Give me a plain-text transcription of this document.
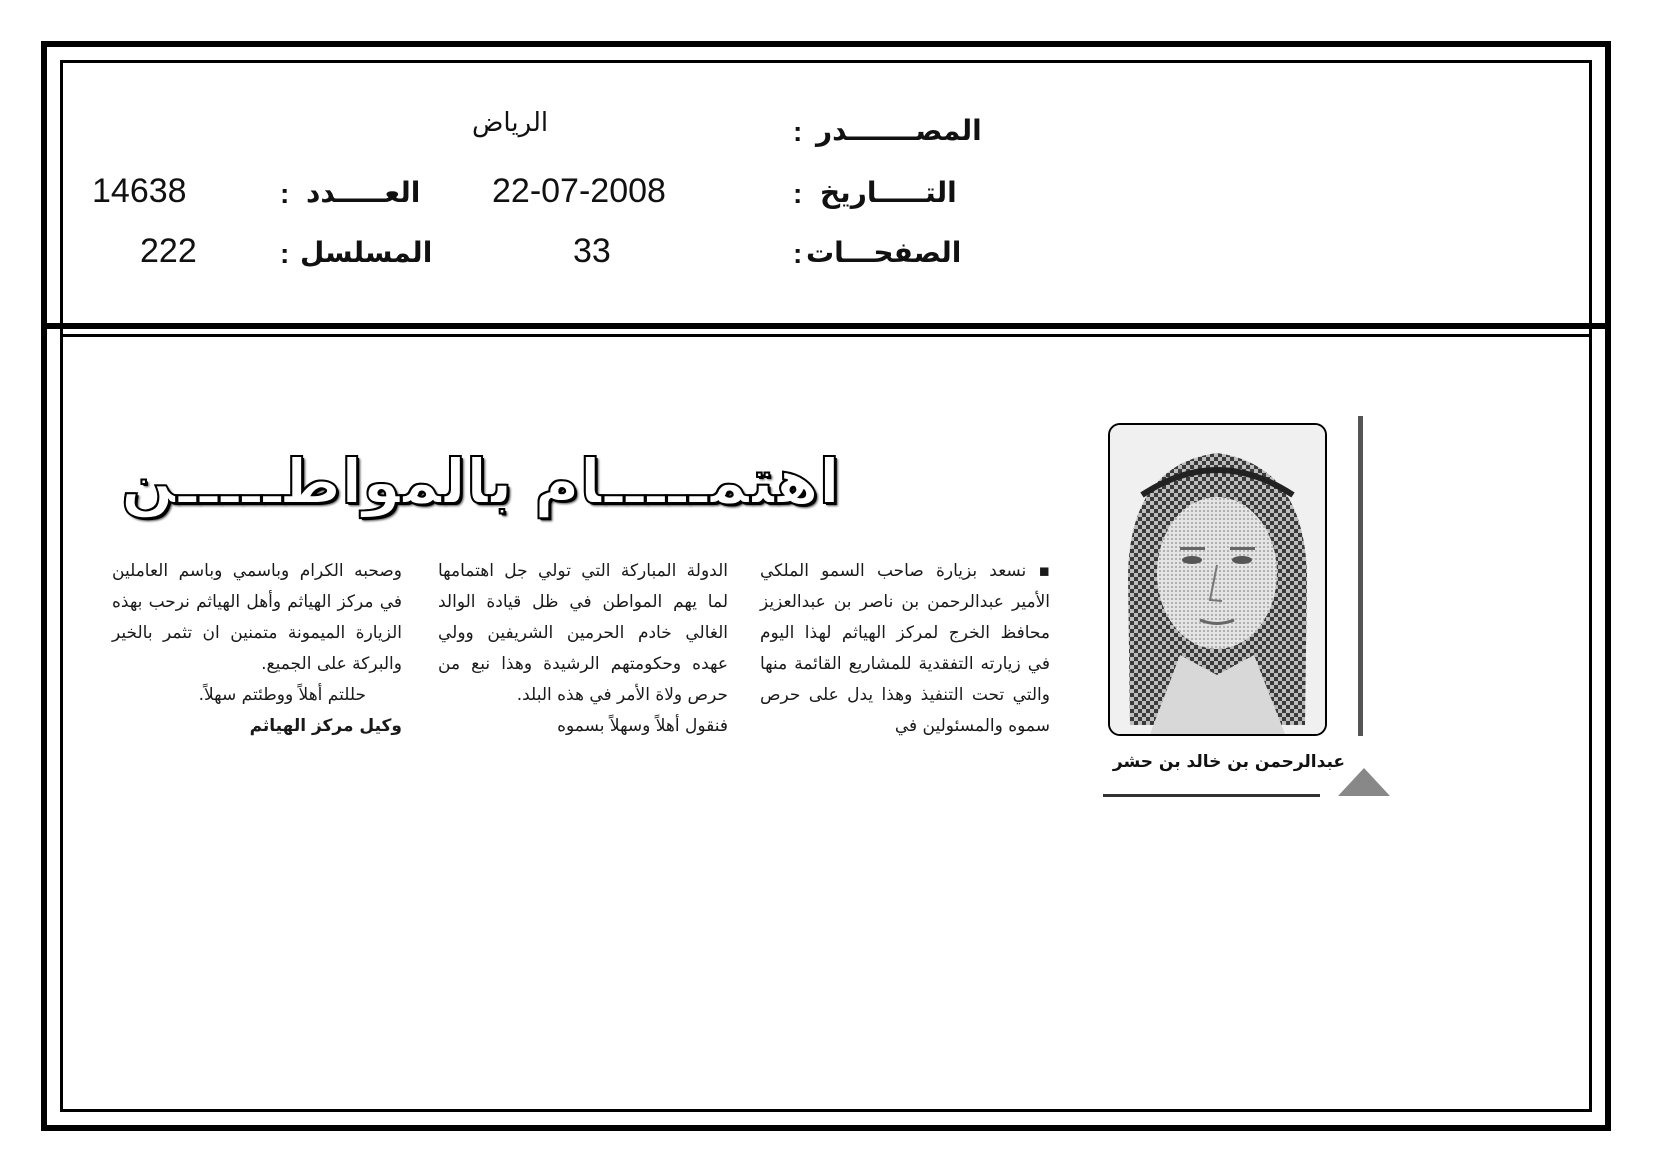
المصـــــــدر
:
الرياض
التـــــاريخ
:
22-07-2008
العـــــدد
:
14638
الصفحـــات
:
33
المسلسل
:
222
اهتمـــــام بالمواطـــــن

▪ نسعد بزيارة صاحب السمو الملكي الأمير عبدالرحمن بن ناصر بن عبدالعزيز محافظ الخرج لمركز الهياثم لهذا اليوم في زيارته التفقدية للمشاريع القائمة منها والتي تحت التنفيذ وهذا يدل على حرص سموه والمسئولين في

الدولة المباركة التي تولي جل اهتمامها لما يهم المواطن في ظل قيادة الوالد الغالي خادم الحرمين الشريفين وولي عهده وحكومتهم الرشيدة وهذا نبع من حرص ولاة الأمر في هذه البلد.

فنقول أهلاً وسهلاً بسموه

وصحبه الكرام وباسمي وباسم العاملين في مركز الهياثم وأهل الهياثم نرحب بهذه الزيارة الميمونة متمنين ان تثمر بالخير والبركة على الجميع.

حللتم أهلاً ووطئتم سهلاً.

وكيل مركز الهياثم

عبدالرحمن بن خالد بن حشر
